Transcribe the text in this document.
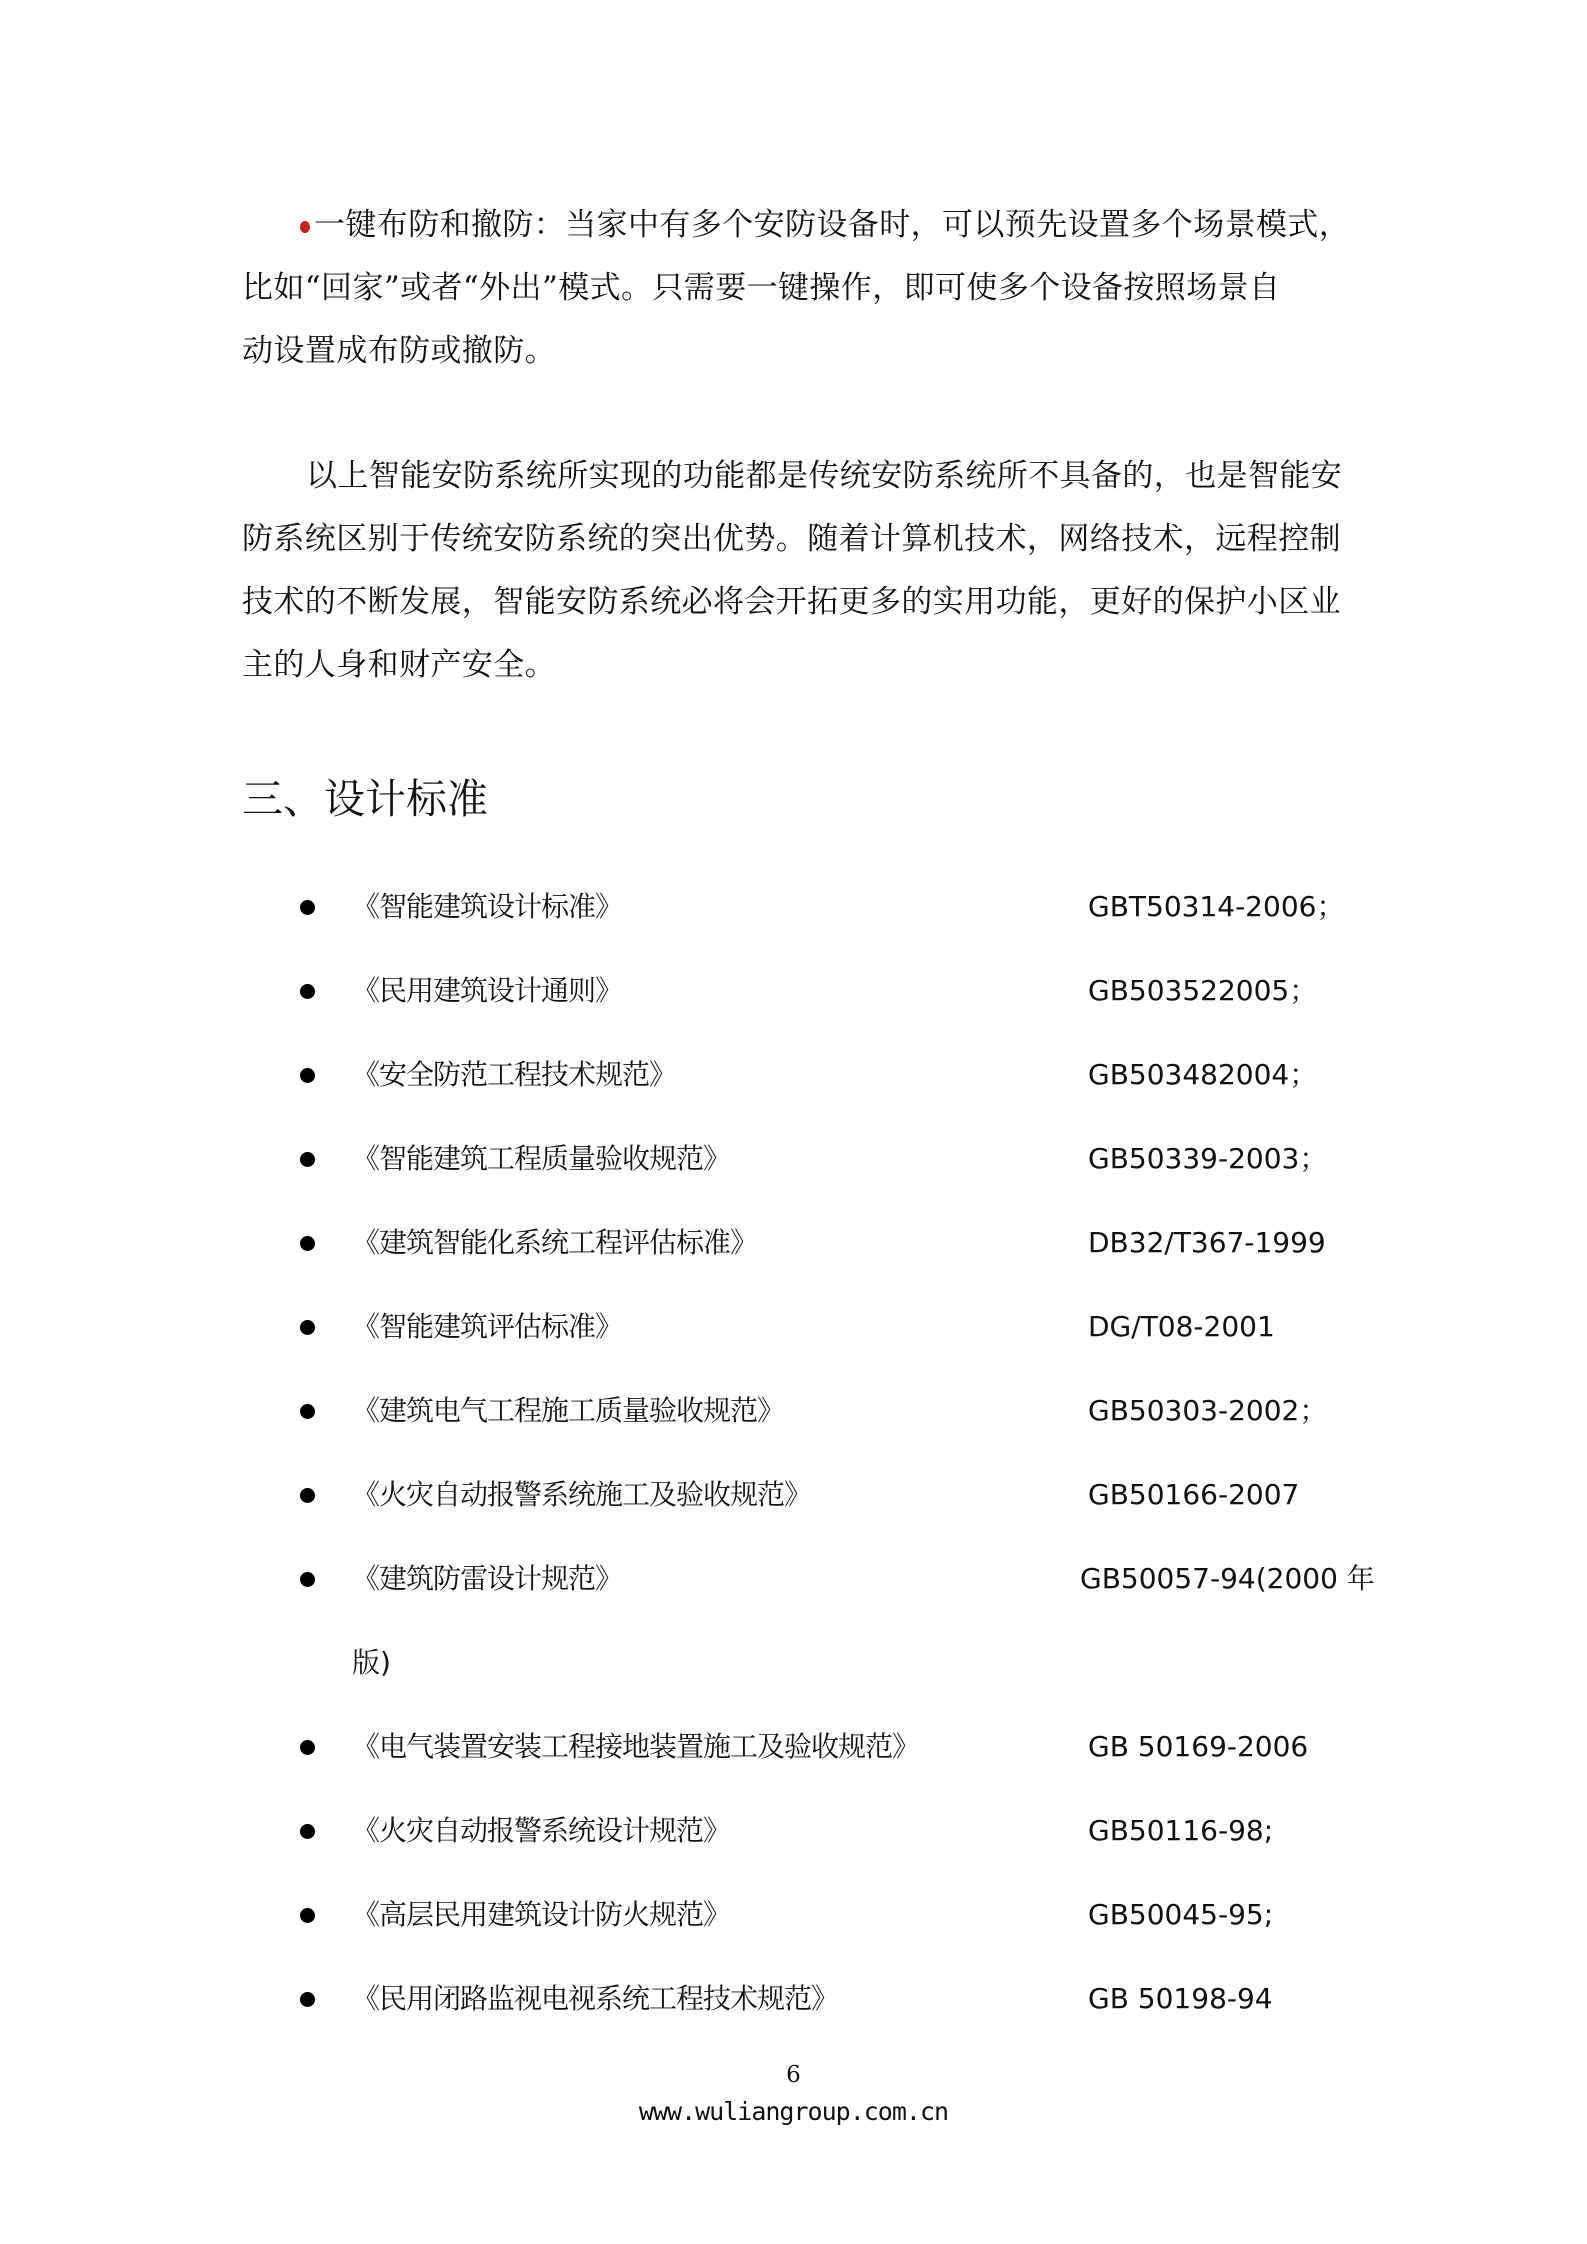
一键布防和撤防：当家中有多个安防设备时，可以预先设置多个场景模式，
比如“回家”或者“外出”模式。只需要一键操作，即可使多个设备按照场景自
动设置成布防或撤防。
以上智能安防系统所实现的功能都是传统安防系统所不具备的，也是智能安
防系统区别于传统安防系统的突出优势。随着计算机技术，网络技术，远程控制
技术的不断发展，智能安防系统必将会开拓更多的实用功能，更好的保护小区业
主的人身和财产安全。
三、设计标准
《智能建筑设计标准》	GBT50314-2006；
《民用建筑设计通则》	GB503522005；
《安全防范工程技术规范》	GB503482004；
《智能建筑工程质量验收规范》	GB50339-2003；
《建筑智能化系统工程评估标准》	DB32/T367-1999
《智能建筑评估标准》	DG/T08-2001
《建筑电气工程施工质量验收规范》	GB50303-2002；
《火灾自动报警系统施工及验收规范》	GB50166-2007
《建筑防雷设计规范》	GB50057-94(2000 年
版)
《电气装置安装工程接地装置施工及验收规范》	GB 50169-2006
《火灾自动报警系统设计规范》	GB50116-98;
《高层民用建筑设计防火规范》	GB50045-95;
《民用闭路监视电视系统工程技术规范》	GB 50198-94
6
www.wuliangroup.com.cn
